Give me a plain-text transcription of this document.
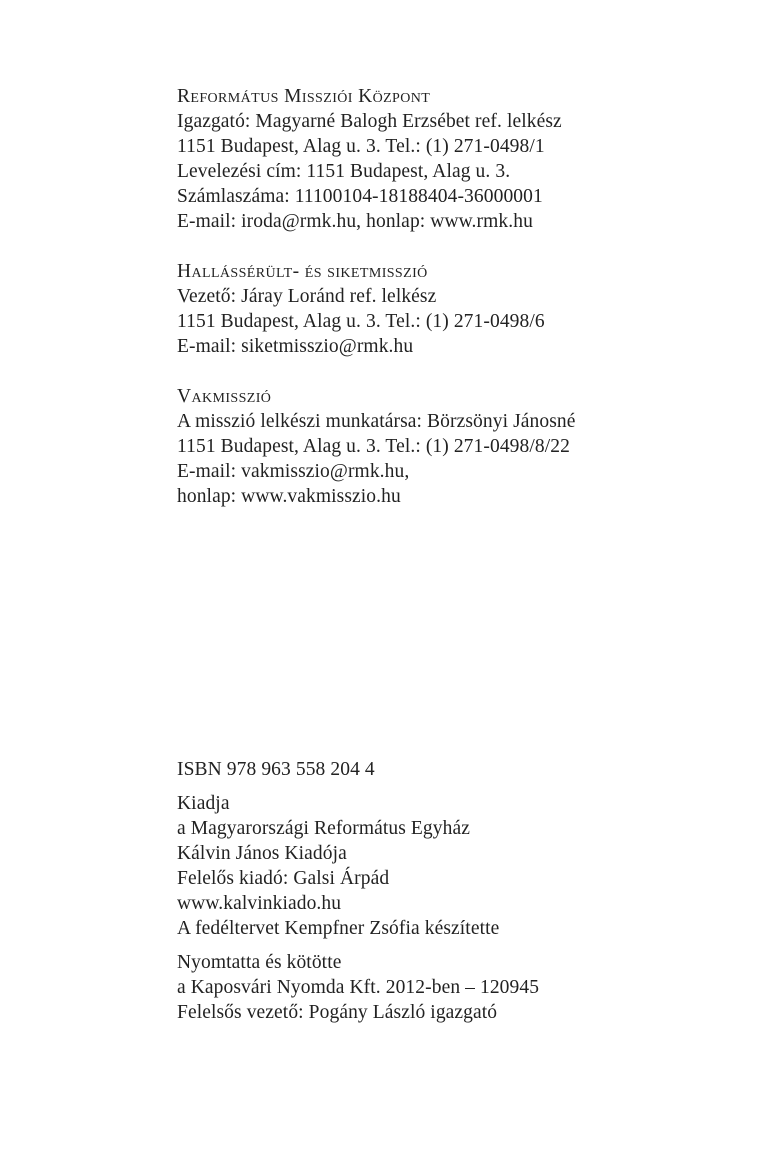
Református Missziói Központ
Igazgató: Magyarné Balogh Erzsébet ref. lelkész
1151 Budapest, Alag u. 3. Tel.: (1) 271-0498/1
Levelezési cím: 1151 Budapest, Alag u. 3.
Számlaszáma: 11100104-18188404-36000001
E-mail: iroda@rmk.hu, honlap: www.rmk.hu
Hallássérült- és siketmisszió
Vezető: Járay Loránd ref. lelkész
1151 Budapest, Alag u. 3. Tel.: (1) 271-0498/6
E-mail: siketmisszio@rmk.hu
Vakmisszió
A misszió lelkészi munkatársa: Börzsönyi Jánosné
1151 Budapest, Alag u. 3. Tel.: (1) 271-0498/8/22
E-mail: vakmisszio@rmk.hu,
honlap: www.vakmisszio.hu
ISBN 978 963 558 204 4
Kiadja
a Magyarországi Református Egyház
Kálvin János Kiadója
Felelős kiadó: Galsi Árpád
www.kalvinkiado.hu
A fedéltervet Kempfner Zsófia készítette
Nyomtatta és kötötte
a Kaposvári Nyomda Kft. 2012-ben – 120945
Felelsős vezető: Pogány László igazgató
